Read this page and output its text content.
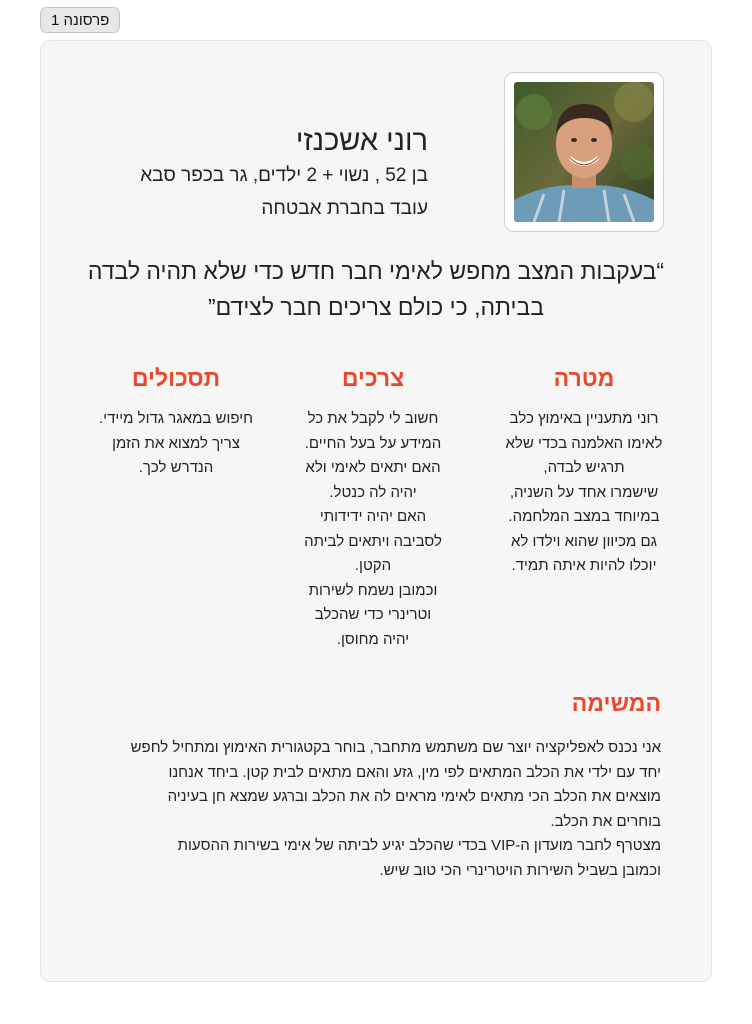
פרסונה 1
רוני אשכנזי
בן 52 , נשוי + 2 ילדים, גר בכפר סבא
עובד בחברת אבטחה
“בעקבות המצב מחפש לאימי חבר חדש כדי שלא תהיה לבדה בביתה, כי כולם צריכים חבר לצידם”
מטרה
רוני מתעניין באימוץ כלב
לאימו האלמנה בכדי שלא
תרגיש לבדה,
שישמרו אחד על השניה,
במיוחד במצב המלחמה.
גם מכיוון שהוא וילדו לא
יוכלו להיות איתה תמיד.
צרכים
חשוב לי לקבל את כל
המידע על בעל החיים.
האם יתאים לאימי ולא
יהיה לה כנטל.
האם יהיה ידידותי
לסביבה ויתאים לביתה
הקטן.
וכמובן נשמח לשירות
וטרינרי כדי שהכלב
יהיה מחוסן.
תסכולים
חיפוש במאגר גדול מיידי.
צריך למצוא את הזמן
הנדרש לכך.
המשימה
אני נכנס לאפליקציה יוצר שם משתמש מתחבר, בוחר בקטגורית האימוץ ומתחיל לחפש
יחד עם ילדי את הכלב המתאים לפי מין, גזע והאם מתאים לבית קטן. ביחד אנחנו
מוצאים את הכלב הכי מתאים לאימי מראים לה את הכלב וברגע שמצא חן בעיניה
בוחרים את הכלב.
מצטרף לחבר מועדון ה-VIP בכדי שהכלב יגיע לביתה של אימי בשירות ההסעות
וכמובן בשביל השירות הויטרינרי הכי טוב שיש.
